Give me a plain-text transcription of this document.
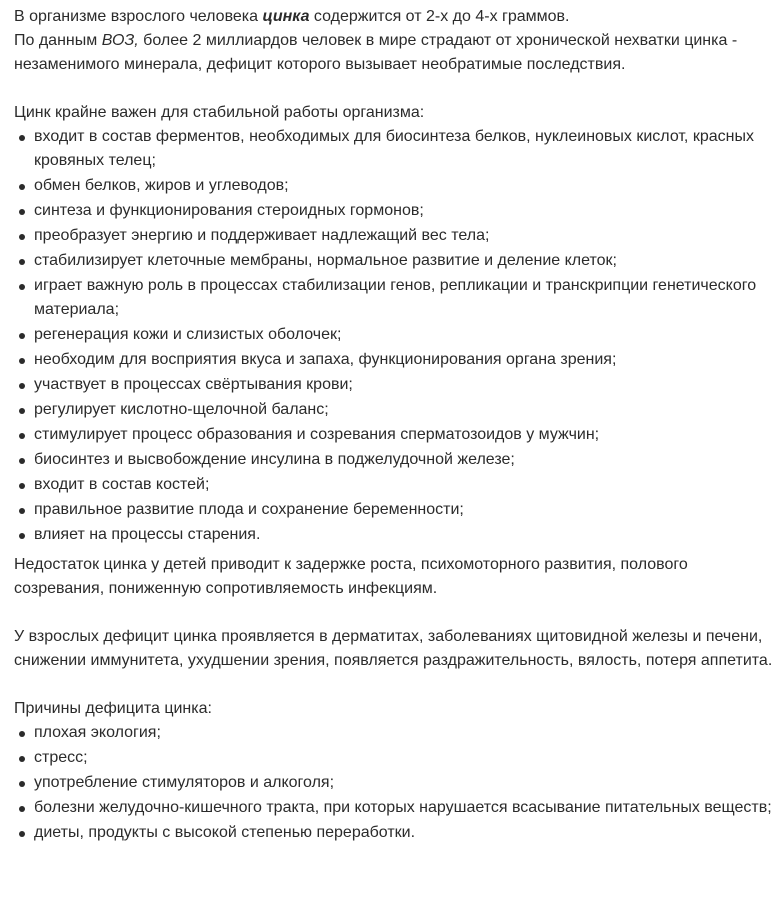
В организме взрослого человека цинка содержится от 2-х до 4-х граммов.

По данным ВОЗ, более 2 миллиардов человек в мире страдают от хронической нехватки цинка - незаменимого минерала, дефицит которого вызывает необратимые последствия.

Цинк крайне важен для стабильной работы организма:

входит в состав ферментов, необходимых для биосинтеза белков, нуклеиновых кислот, красных кровяных телец;
обмен белков, жиров и углеводов;
синтеза и функционирования стероидных гормонов;
преобразует энергию и поддерживает надлежащий вес тела;
стабилизирует клеточные мембраны, нормальное развитие и деление клеток;
играет важную роль в процессах стабилизации генов, репликации и транскрипции генетического материала;
регенерация кожи и слизистых оболочек;
необходим для восприятия вкуса и запаха, функционирования органа зрения;
участвует в процессах свёртывания крови;
регулирует кислотно-щелочной баланс;
стимулирует процесс образования и созревания сперматозоидов у мужчин;
биосинтез и высвобождение инсулина в поджелудочной железе;
входит в состав костей;
правильное развитие плода и сохранение беременности;
влияет на процессы старения.

Недостаток цинка у детей приводит к задержке роста, психомоторного развития, полового созревания, пониженную сопротивляемость инфекциям.

У взрослых дефицит цинка проявляется в дерматитах, заболеваниях щитовидной железы и печени, снижении иммунитета, ухудшении зрения, появляется раздражительность, вялость, потеря аппетита.

Причины дефицита цинка:

плохая экология;
стресс;
употребление стимуляторов и алкоголя;
болезни желудочно-кишечного тракта, при которых нарушается всасывание питательных веществ;
диеты, продукты с высокой степенью переработки.
